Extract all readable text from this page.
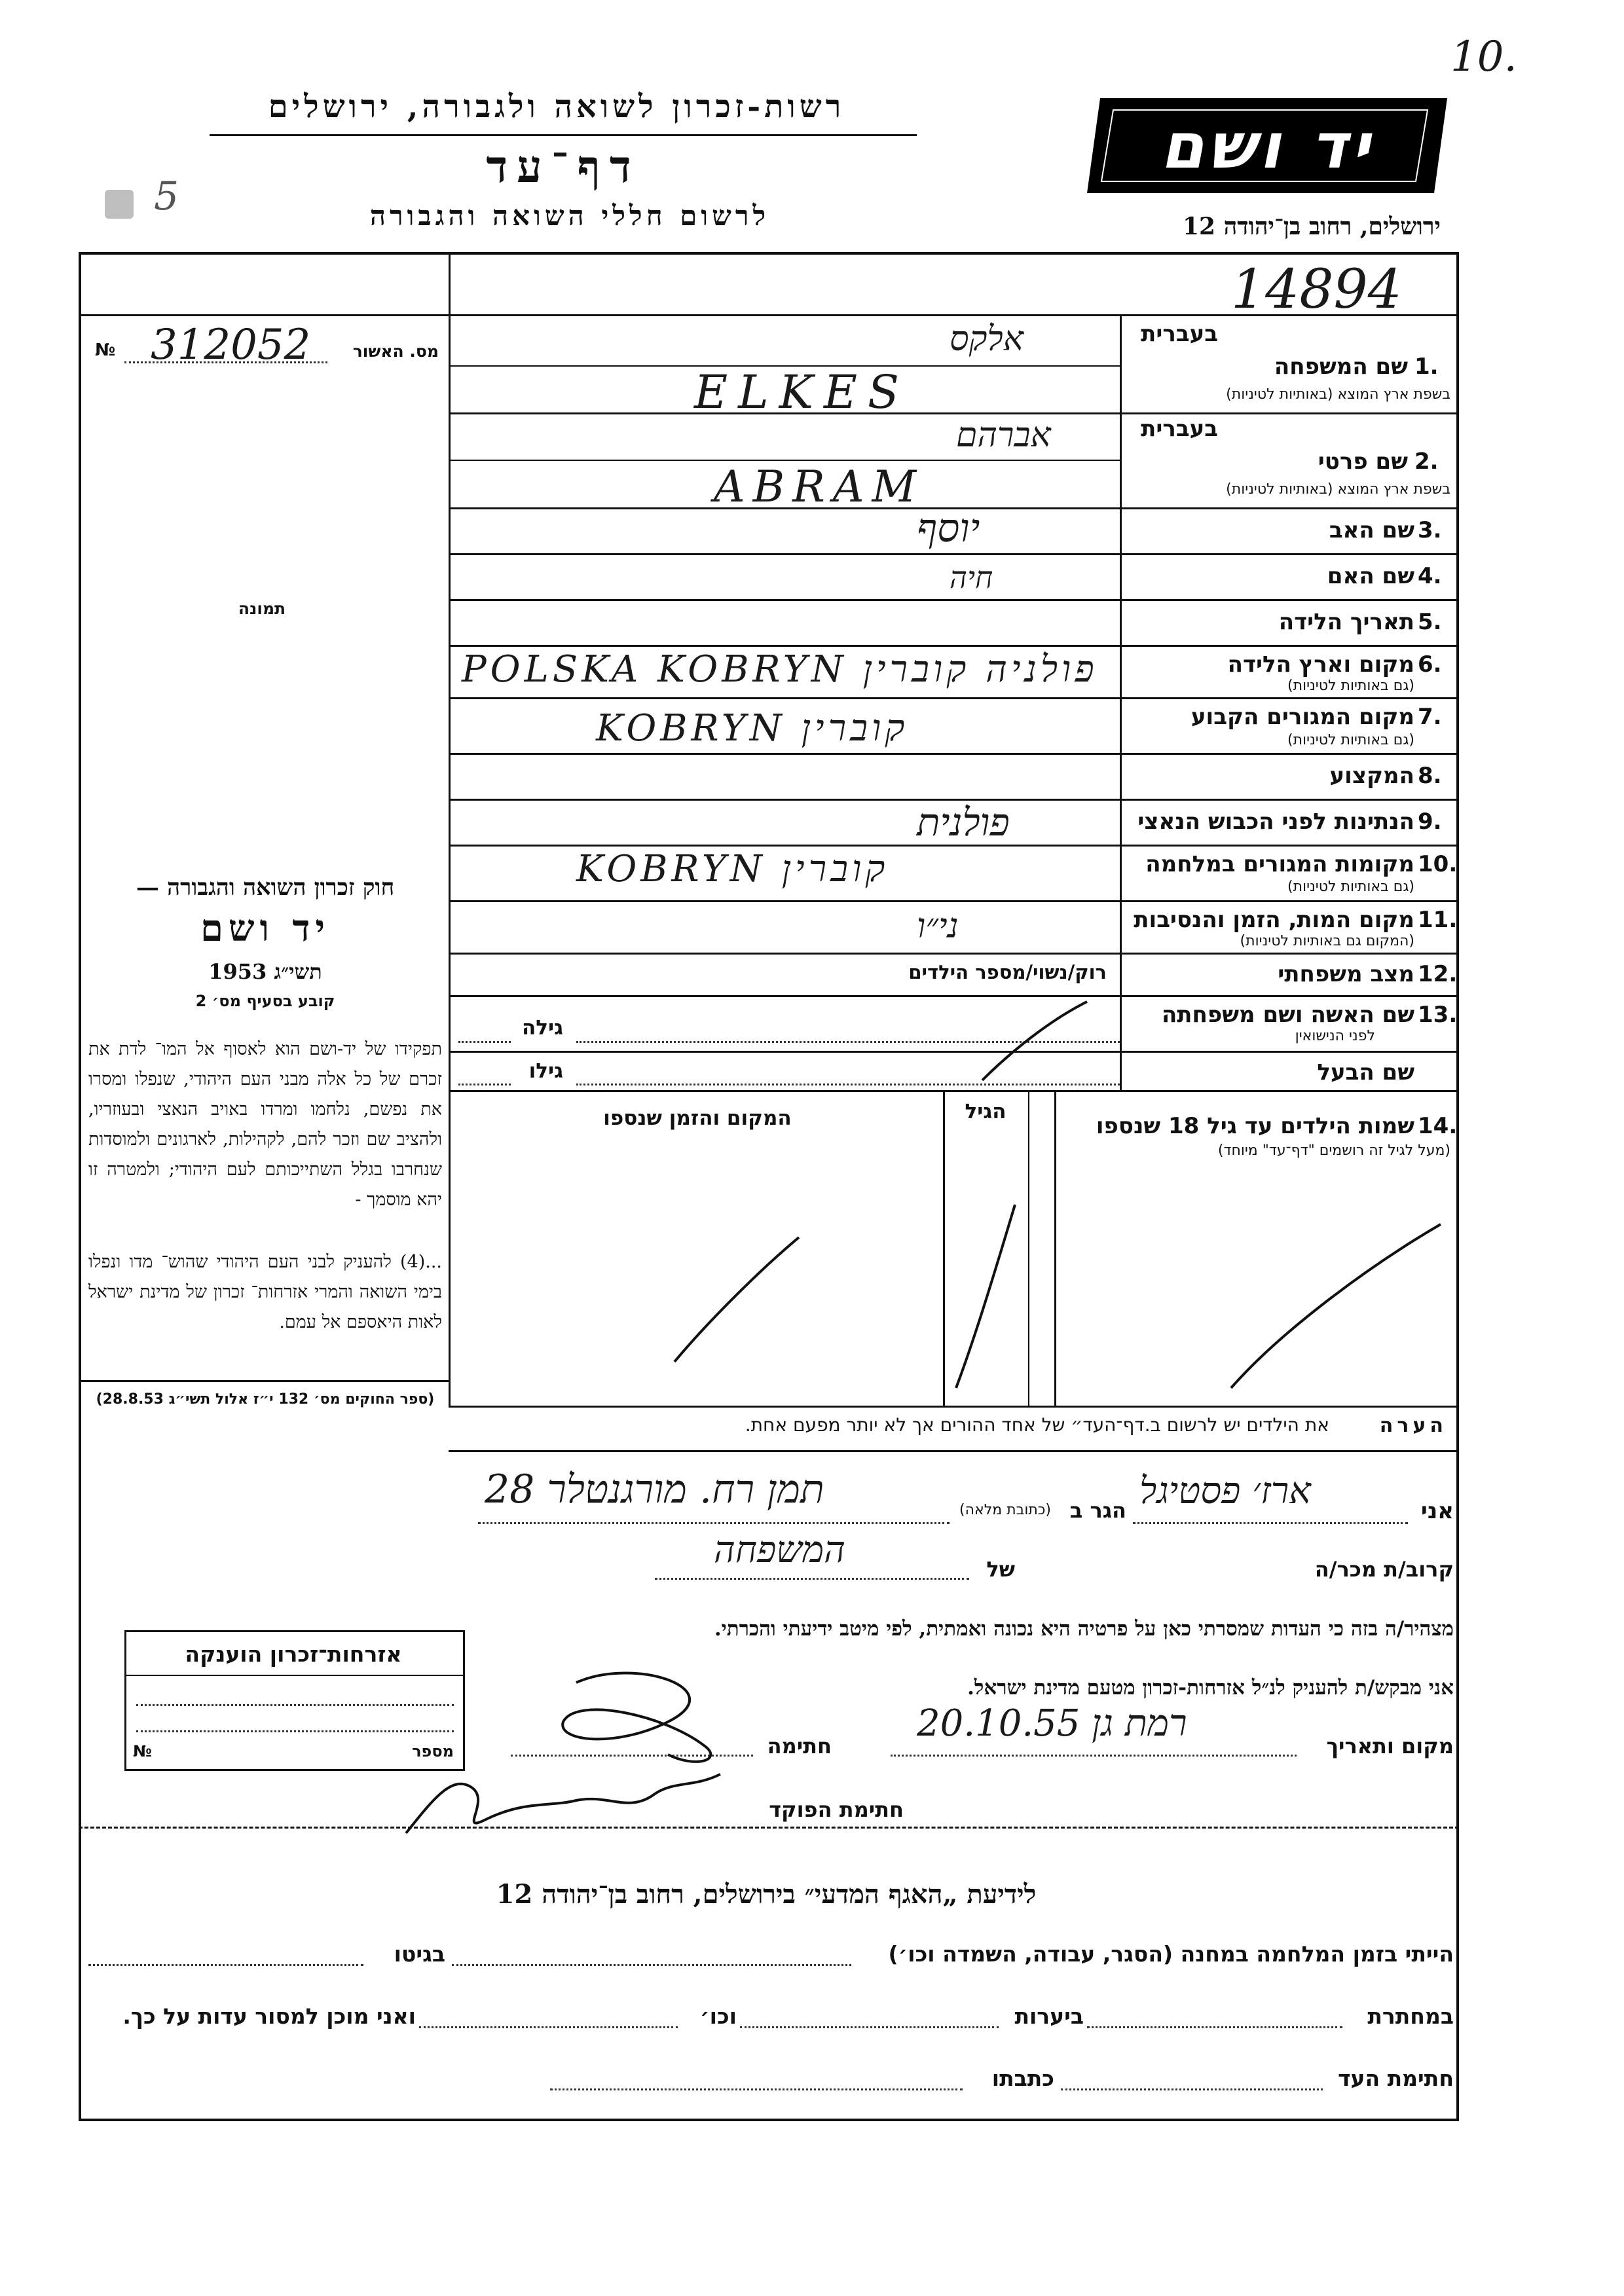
10.
רשות-זכרון לשואה ולגבורה, ירושלים
דף־עד
לרשום חללי השואה והגבורה
5
יד ושם
ירושלים, רחוב בן־יהודה 12
14894
№ 312052	מס. האשור
תמונה
חוק זכרון השואה והגבורה —
יד ושם
תשי״ג 1953
קובע בסעיף מס׳ 2
תפקידו של יד-ושם הוא לאסוף אל המו־ לדת את זכרם של כל אלה מבני העם היהודי, שנפלו ומסרו את נפשם, נלחמו ומרדו באויב הנאצי ובעוזריו, ולהציב שם וזכר להם, לקהילות, לארגונים ולמוסדות שנחרבו בגלל השתייכותם לעם היהודי; ולמטרה זו יהא מוסמך -
...(4) להעניק לבני העם היהודי שהוש־ מדו ונפלו בימי השואה והמרי אזרחות־ זכרון של מדינת ישראל לאות היאספם אל עמם.
(ספר החוקים מס׳ 132 י״ז אלול תשי״ג 28.8.53)
1.
בעברית
שם המשפחה
בשפת ארץ המוצא (באותיות לטיניות)
אלקס
ELKES
2.
בעברית
שם פרטי
בשפת ארץ המוצא (באותיות לטיניות)
אברהם
ABRAM
3.
שם האב
יוסף
4.
שם האם
חיה
5.
תאריך הלידה
6.
מקום וארץ הלידה
(גם באותיות לטיניות)
POLSKA KOBRYN פולניה קוברין
7.
מקום המגורים הקבוע
(גם באותיות לטיניות)
KOBRYN קוברין
8.
המקצוע
9.
הנתינות לפני הכבוש הנאצי
פולנית
10.
מקומות המגורים במלחמה
(גם באותיות לטיניות)
KOBRYN קוברין
11.
מקום המות, הזמן והנסיבות
(המקום גם באותיות לטיניות)
ני״ו
12.
מצב משפחתי
רוק/נשוי/מספר הילדים
13.
שם האשה ושם משפחתה
לפני הנישואין
גילה
שם הבעל
גילו
14.
שמות הילדים עד גיל 18 שנספו
(מעל לגיל זה רושמים "דף־עד" מיוחד)
הגיל
המקום והזמן שנספו
הערה
את הילדים יש לרשום ב.דף־העד״ של אחד ההורים אך לא יותר מפעם אחת.
אני
ארז׳ פסטיגל
הגר ב
(כתובת מלאה)
תמן רח. מורגנטלר 28
קרוב/ת מכר/ה
של
המשפחה
מצהיר/ה בזה כי העדות שמסרתי כאן על פרטיה היא נכונה ואמתית, לפי מיטב ידיעתי והכרתי.
אני מבקש/ת להעניק לנ״ל אזרחות-זכרון מטעם מדינת ישראל.
מקום ותאריך
רמת גן 20.10.55
חתימה
חתימת הפוקד
אזרחות־זכרון הוענקה
מספר
№
לידיעת „האגף המדעי״ בירושלים, רחוב בן־יהודה 12
הייתי בזמן המלחמה במחנה (הסגר, עבודה, השמדה וכו׳)
בגיטו
במחתרת
ביערות
וכו׳
ואני מוכן למסור עדות על כך.
חתימת העד
כתבתו
